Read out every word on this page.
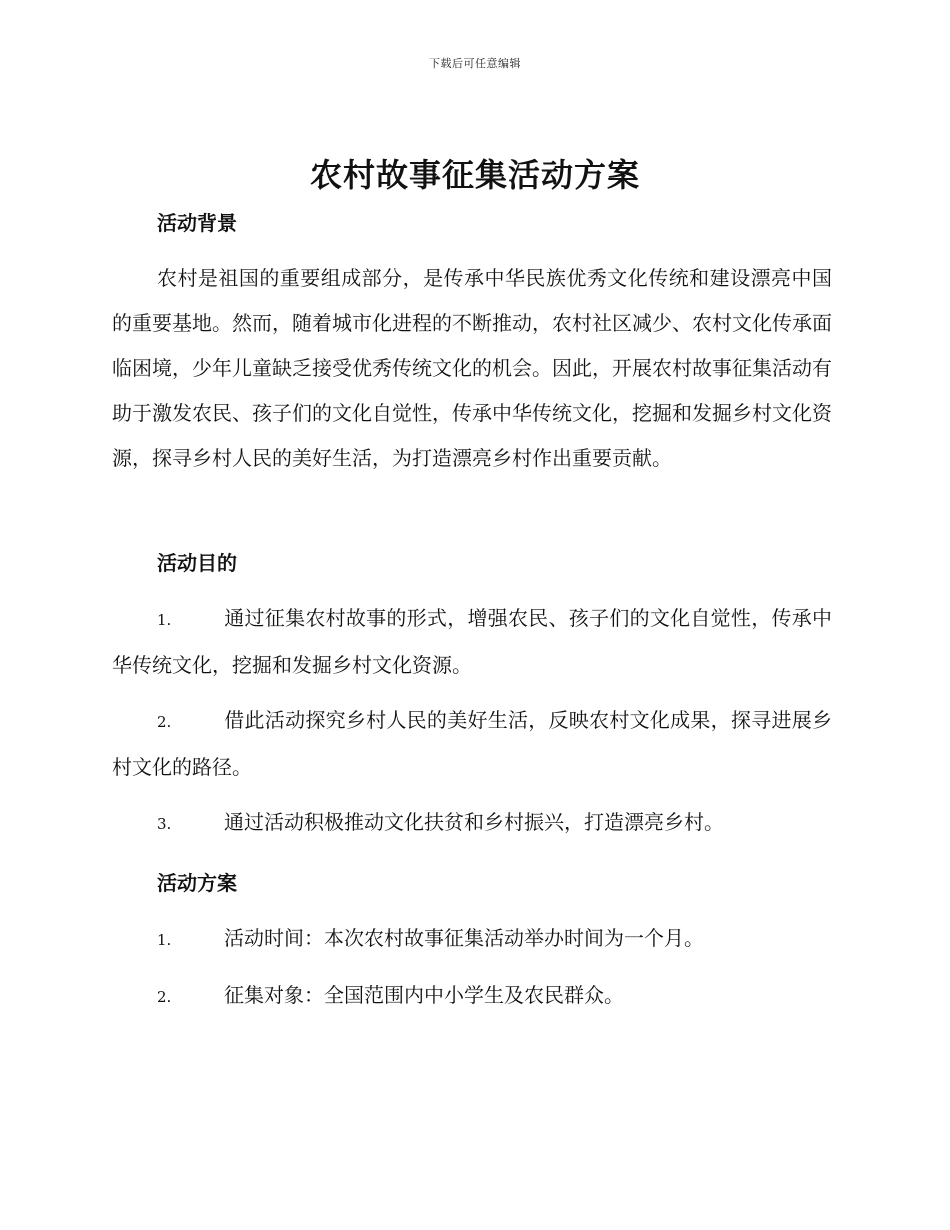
下载后可任意编辑
农村故事征集活动方案
活动背景

农村是祖国的重要组成部分，是传承中华民族优秀文化传统和建设漂亮中国的重要基地。然而，随着城市化进程的不断推动，农村社区减少、农村文化传承面临困境，少年儿童缺乏接受优秀传统文化的机会。因此，开展农村故事征集活动有助于激发农民、孩子们的文化自觉性，传承中华传统文化，挖掘和发掘乡村文化资源，探寻乡村人民的美好生活，为打造漂亮乡村作出重要贡献。

活动目的

1.	通过征集农村故事的形式，增强农民、孩子们的文化自觉性，传承中华传统文化，挖掘和发掘乡村文化资源。

2.	借此活动探究乡村人民的美好生活，反映农村文化成果，探寻进展乡村文化的路径。

3.	通过活动积极推动文化扶贫和乡村振兴，打造漂亮乡村。

活动方案

1.	活动时间：本次农村故事征集活动举办时间为一个月。

2.	征集对象：全国范围内中小学生及农民群众。
